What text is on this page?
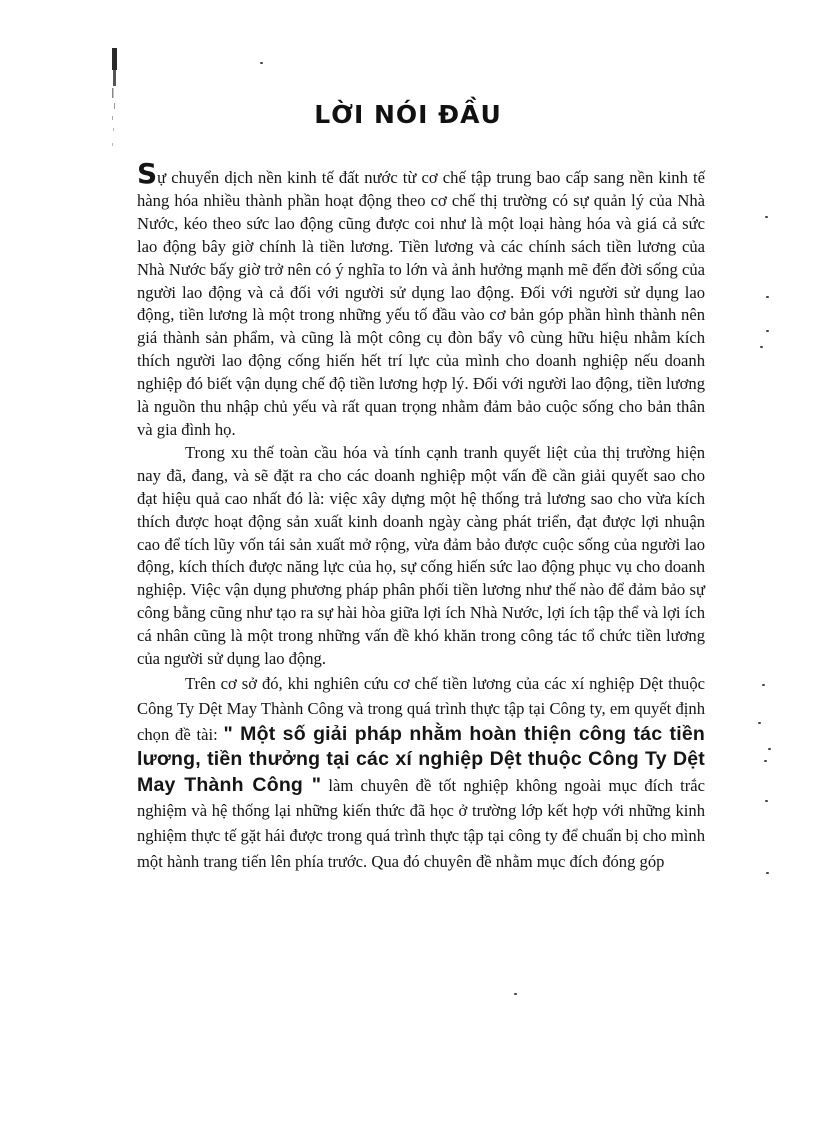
LỜI NÓI ĐẦU

Sự chuyển dịch nền kinh tế đất nước từ cơ chế tập trung bao cấp sang nền kinh tế hàng hóa nhiều thành phần hoạt động theo cơ chế thị trường có sự quản lý của Nhà Nước, kéo theo sức lao động cũng được coi như là một loại hàng hóa và giá cả sức lao động bây giờ chính là tiền lương. Tiền lương và các chính sách tiền lương của Nhà Nước bấy giờ trở nên có ý nghĩa to lớn và ảnh hưởng mạnh mẽ đến đời sống của người lao động và cả đối với người sử dụng lao động. Đối với người sử dụng lao động, tiền lương là một trong những yếu tố đầu vào cơ bản góp phần hình thành nên giá thành sản phẩm, và cũng là một công cụ đòn bẩy vô cùng hữu hiệu nhằm kích thích người lao động cống hiến hết trí lực của mình cho doanh nghiệp nếu doanh nghiệp đó biết vận dụng chế độ tiền lương hợp lý. Đối với người lao động, tiền lương là nguồn thu nhập chủ yếu và rất quan trọng nhằm đảm bảo cuộc sống cho bản thân và gia đình họ.

Trong xu thế toàn cầu hóa và tính cạnh tranh quyết liệt của thị trường hiện nay đã, đang, và sẽ đặt ra cho các doanh nghiệp một vấn đề cần giải quyết sao cho đạt hiệu quả cao nhất đó là: việc xây dựng một hệ thống trả lương sao cho vừa kích thích được hoạt động sản xuất kinh doanh ngày càng phát triển, đạt được lợi nhuận cao để tích lũy vốn tái sản xuất mở rộng, vừa đảm bảo được cuộc sống của người lao động, kích thích được năng lực của họ, sự cống hiến sức lao động phục vụ cho doanh nghiệp. Việc vận dụng phương pháp phân phối tiền lương như thế nào để đảm bảo sự công bằng cũng như tạo ra sự hài hòa giữa lợi ích Nhà Nước, lợi ích tập thể và lợi ích cá nhân cũng là một trong những vấn đề khó khăn trong công tác tổ chức tiền lương của người sử dụng lao động.

Trên cơ sở đó, khi nghiên cứu cơ chế tiền lương của các xí nghiệp Dệt thuộc Công Ty Dệt May Thành Công và trong quá trình thực tập tại Công ty, em quyết định chọn đề tài: " Một số giải pháp nhằm hoàn thiện công tác tiền lương, tiền thưởng tại các xí nghiệp Dệt thuộc Công Ty Dệt May Thành Công " làm chuyên đề tốt nghiệp không ngoài mục đích trắc nghiệm và hệ thống lại những kiến thức đã học ở trường lớp kết hợp với những kinh nghiệm thực tế gặt hái được trong quá trình thực tập tại công ty để chuẩn bị cho mình một hành trang tiến lên phía trước. Qua đó chuyên đề nhằm mục đích đóng góp
